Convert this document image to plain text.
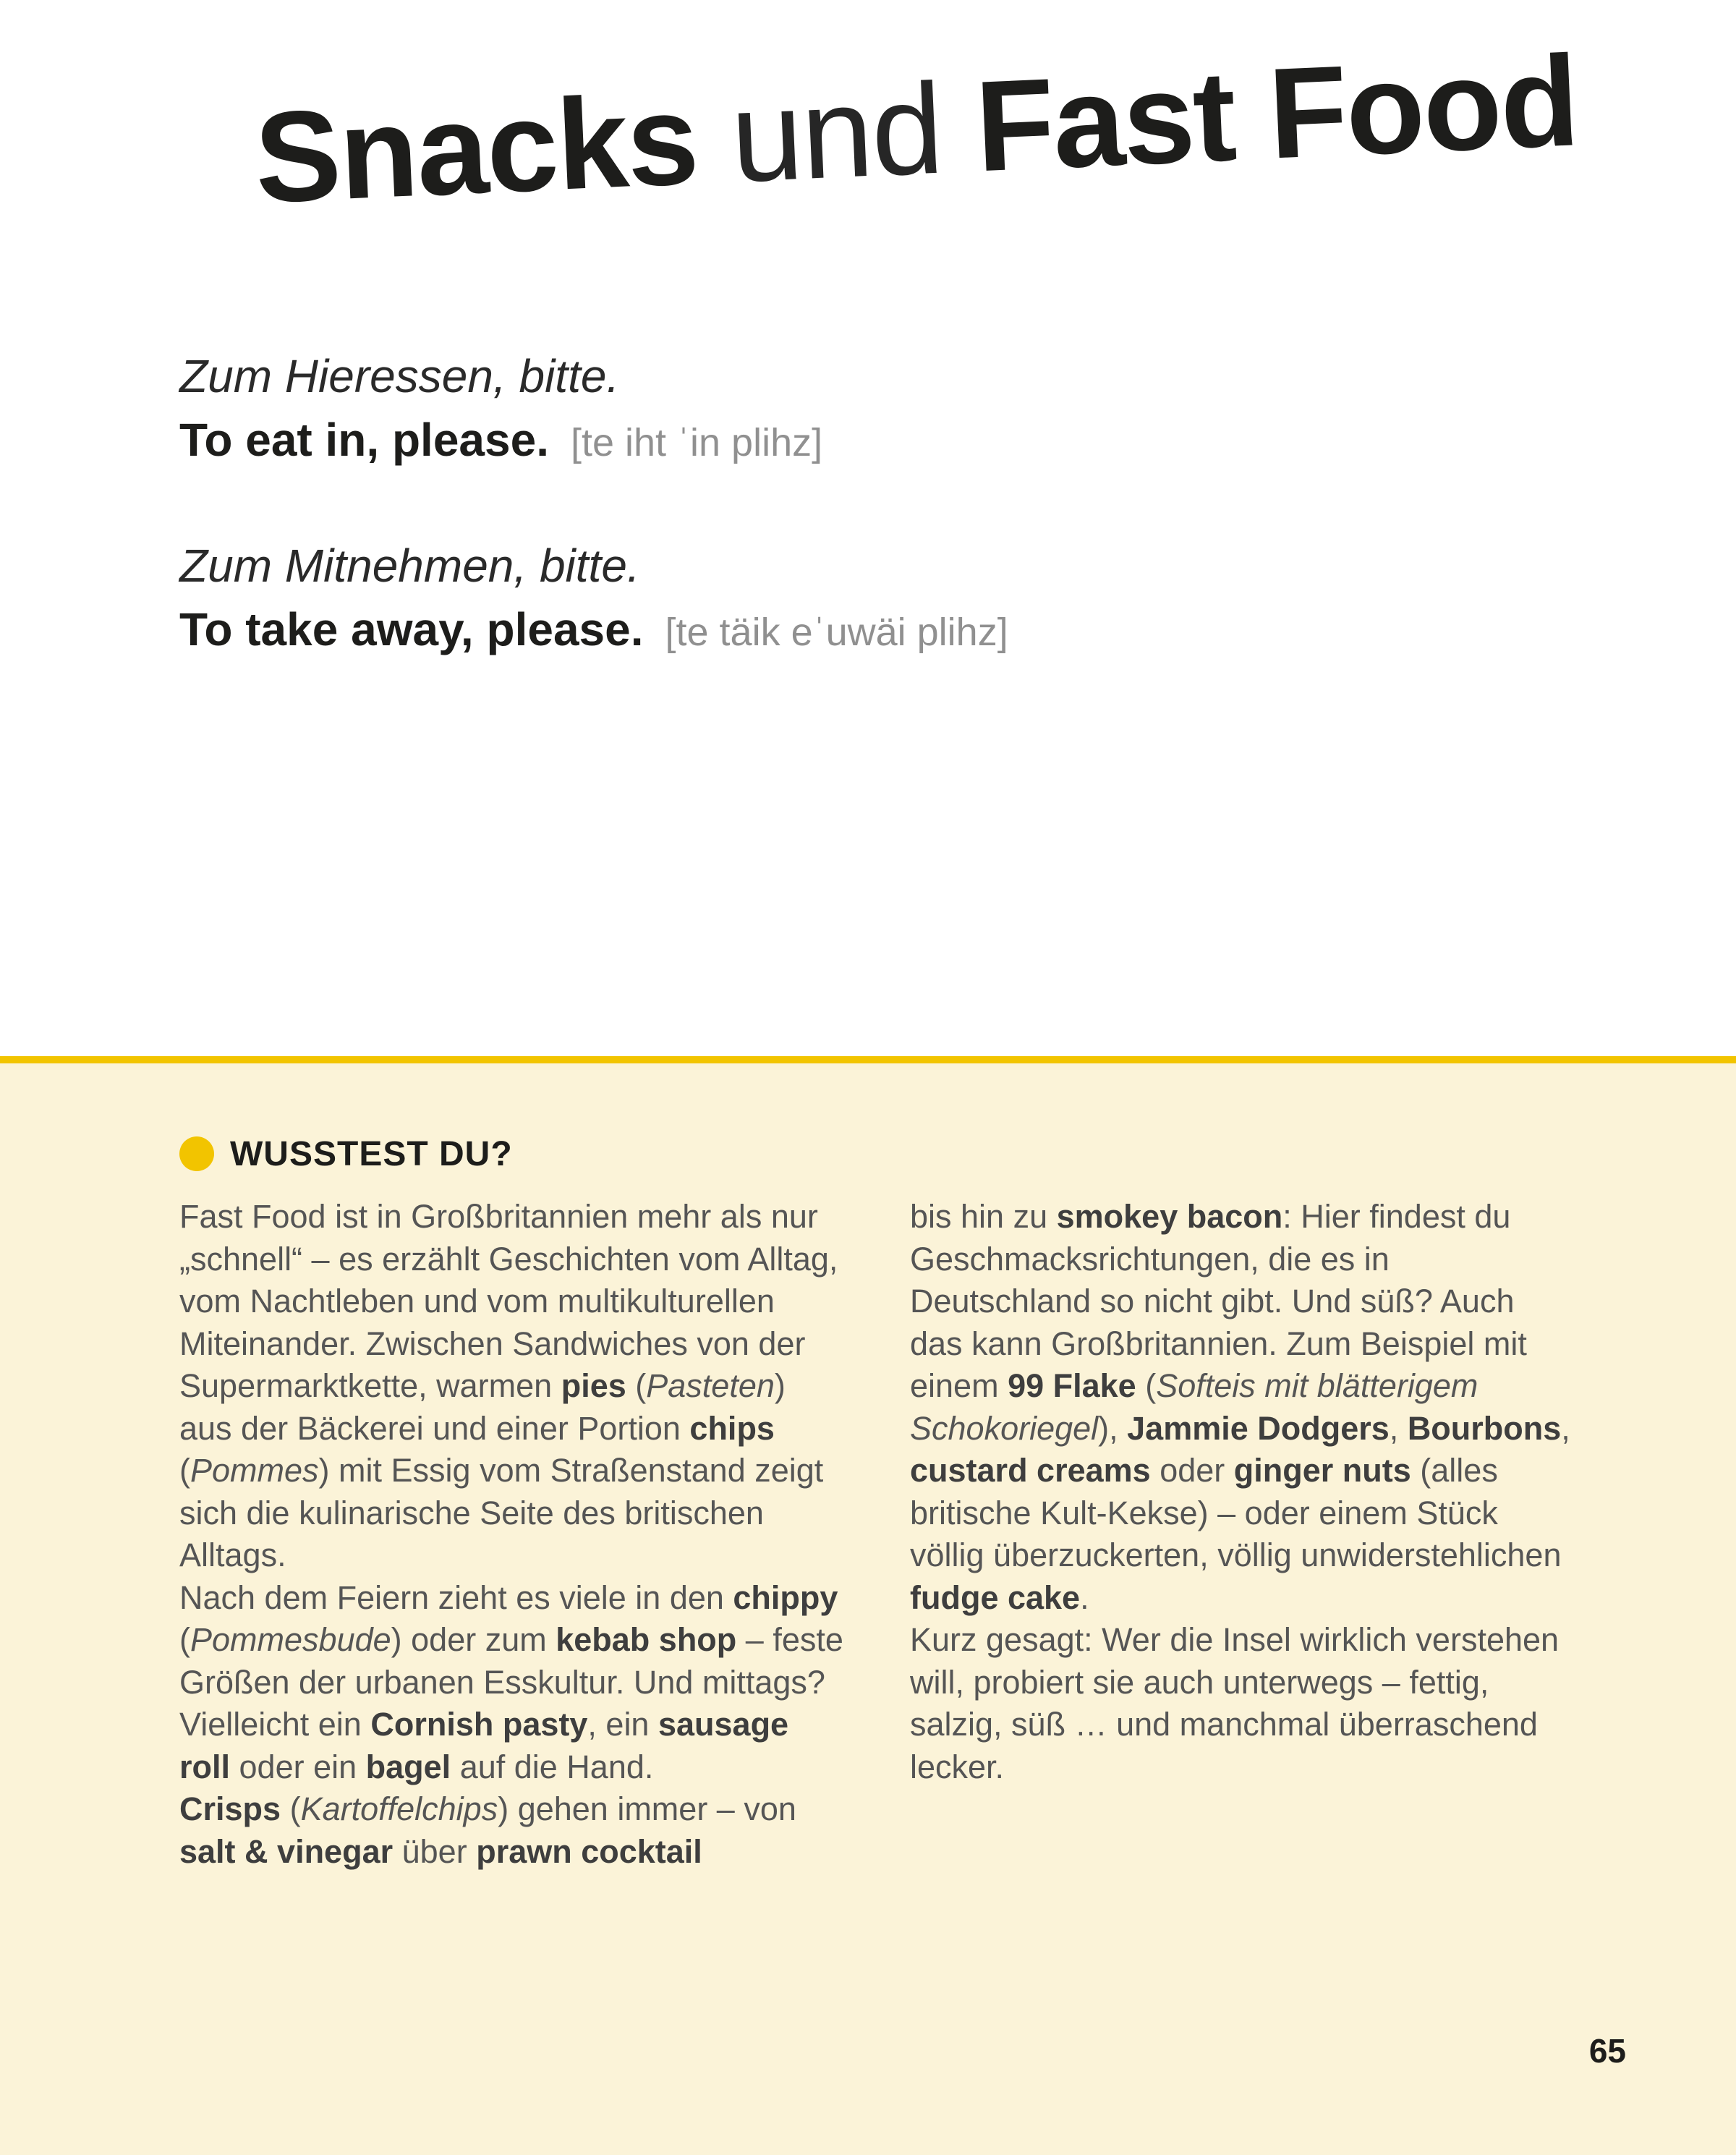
Snacks und Fast Food
Zum Hieressen, bitte.
To eat in, please. [te iht ˈin plihz]
Zum Mitnehmen, bitte.
To take away, please. [te täik eˈuwäi plihz]
WUSSTEST DU?

Fast Food ist in Großbritannien mehr als nur „schnell“ – es erzählt Geschichten vom Alltag, vom Nachtleben und vom multikulturellen Miteinander. Zwischen Sandwiches von der Supermarktkette, warmen pies (Pasteten) aus der Bäckerei und einer Portion chips (Pommes) mit Essig vom Straßenstand zeigt sich die kulinarische Seite des britischen Alltags.

Nach dem Feiern zieht es viele in den chippy (Pommesbude) oder zum kebab shop – feste Größen der urbanen Esskultur. Und mittags? Vielleicht ein Cornish pasty, ein sausage roll oder ein bagel auf die Hand.

Crisps (Kartoffelchips) gehen immer – von salt & vinegar über prawn cocktail

bis hin zu smokey bacon: Hier findest du Geschmacksrichtungen, die es in Deutschland so nicht gibt. Und süß? Auch das kann Großbritannien. Zum Beispiel mit einem 99 Flake (Softeis mit blätterigem Schokoriegel), Jammie Dodgers, Bourbons, custard creams oder ginger nuts (alles britische Kult-Kekse) – oder einem Stück völlig überzuckerten, völlig unwiderstehlichen fudge cake.

Kurz gesagt: Wer die Insel wirklich verstehen will, probiert sie auch unterwegs – fettig, salzig, süß … und manchmal überraschend lecker.

65
